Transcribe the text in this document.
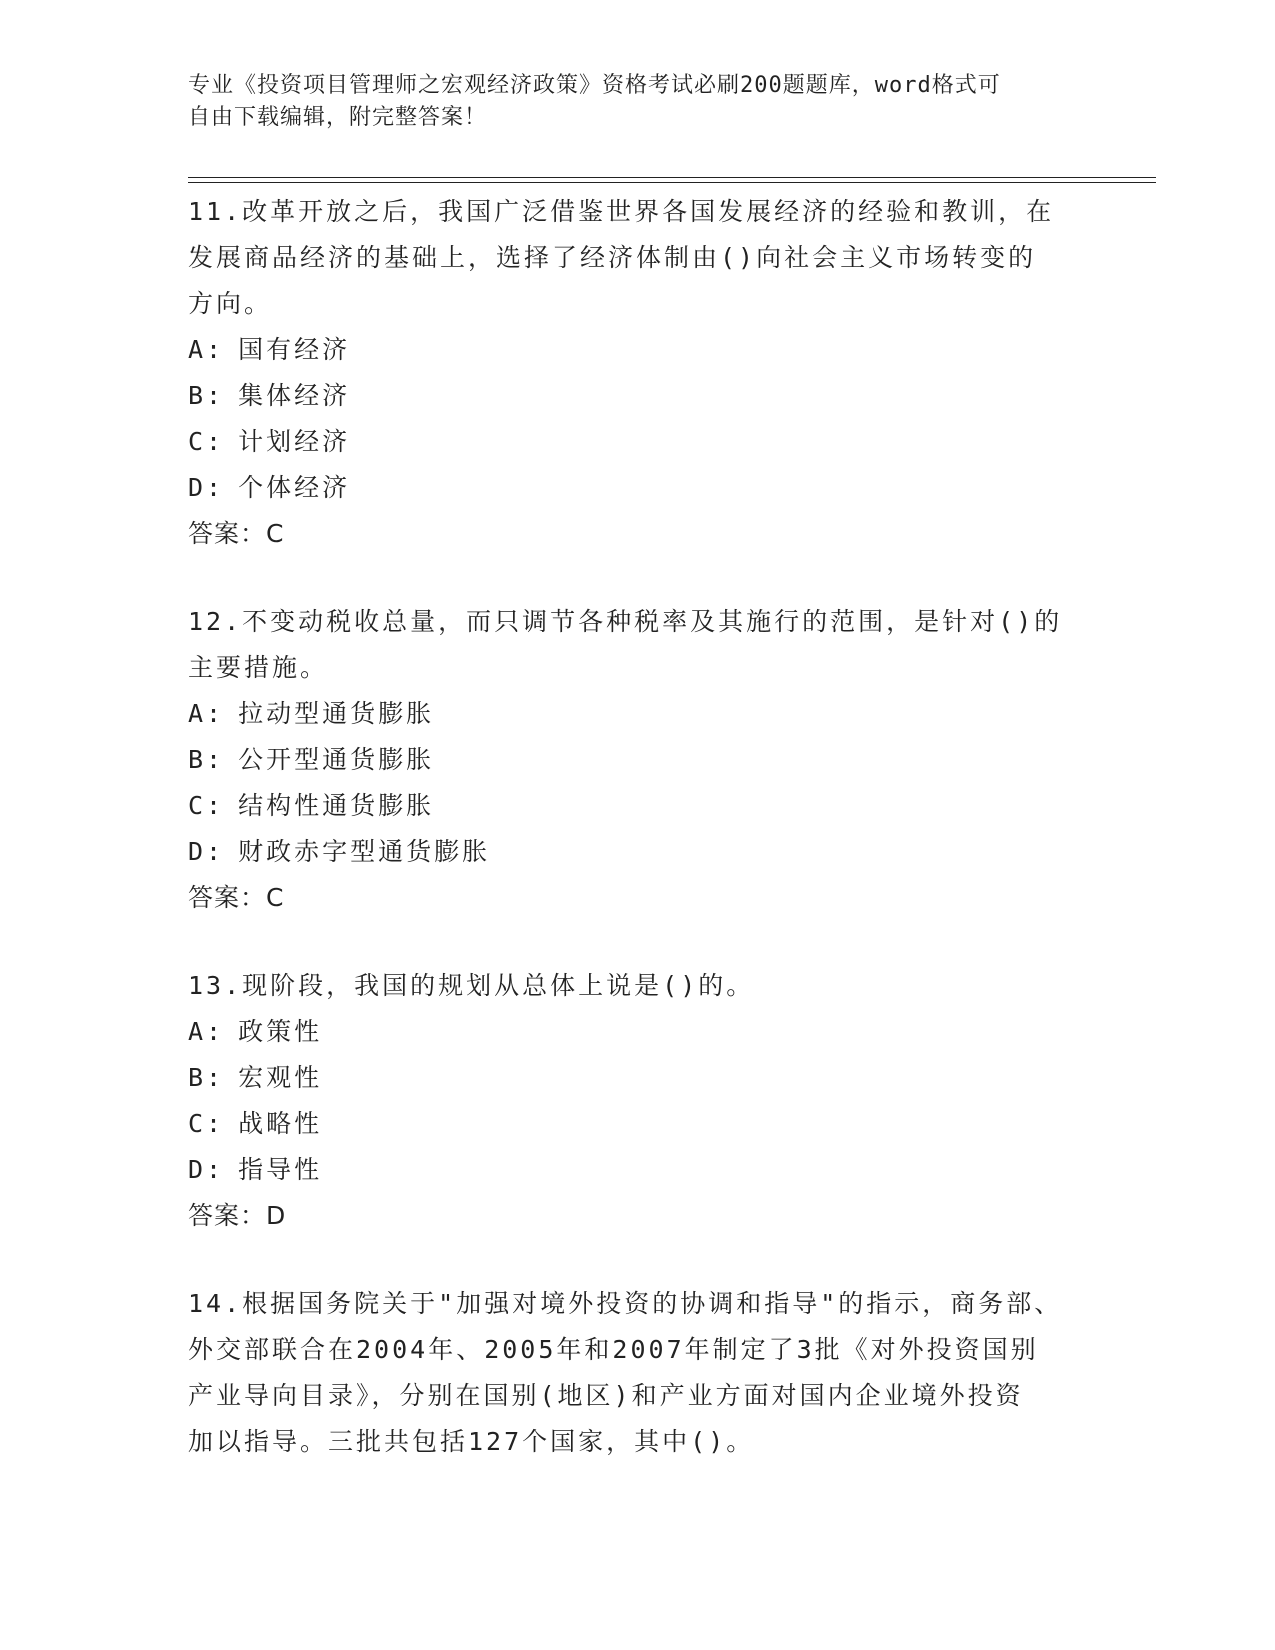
专业《投资项目管理师之宏观经济政策》资格考试必刷200题题库，word格式可
自由下载编辑，附完整答案！
11.改革开放之后，我国广泛借鉴世界各国发展经济的经验和教训，在
发展商品经济的基础上，选择了经济体制由()向社会主义市场转变的
方向。
A: 国有经济
B: 集体经济
C: 计划经济
D: 个体经济
答案：C
12.不变动税收总量，而只调节各种税率及其施行的范围，是针对()的
主要措施。
A: 拉动型通货膨胀
B: 公开型通货膨胀
C: 结构性通货膨胀
D: 财政赤字型通货膨胀
答案：C
13.现阶段，我国的规划从总体上说是()的。
A: 政策性
B: 宏观性
C: 战略性
D: 指导性
答案：D
14.根据国务院关于"加强对境外投资的协调和指导"的指示，商务部、
外交部联合在2004年、2005年和2007年制定了3批《对外投资国别
产业导向目录》，分别在国别(地区)和产业方面对国内企业境外投资
加以指导。三批共包括127个国家，其中()。
